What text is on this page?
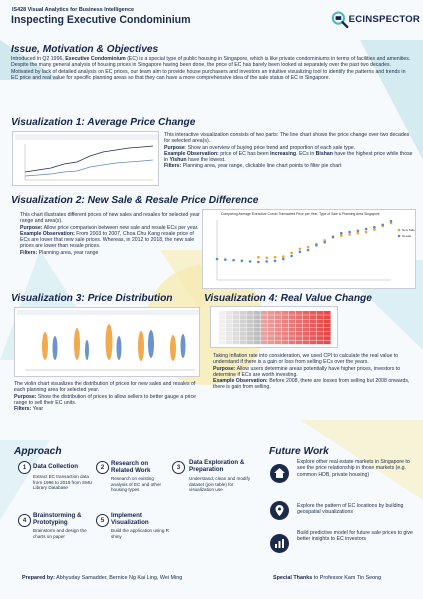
IS428 Visual Analytics for Business Intelligence
Inspecting Executive Condominium	ECINSPECTOR
Issue, Motivation & Objectives
Introduced in Q2 1996, Executive Condominium (EC) is a special type of public housing in Singapore, which is like private condominiums in terms of facilities and amenities. Despite the many general analysis of housing prices in Singapore having been done, the price of EC has barely been looked at separately over the past two decades.
Motivated by lack of detailed analysis on EC prices, our team aim to provide house purchasers and investors an intuitive visualizing tool to identify the patterns and trends in EC price and real value for specific planning areas so that they can have a more comprehensive idea of the sale status of EC in Singapore.
Visualization 1: Average Price Change
This interactive visualization consists of two parts: The line chart shows the price change over two decades for selected area(s).
Purpose: Show an overview of buying price trend and proportion of each sale type.
Example Observation: price of EC has been increasing. ECs in Bishan have the highest price while those in Yishun have the lowest.
Filters: Planning area, year range, clickable line chart points to filter pie chart
Visualization 2: New Sale & Resale Price Difference
This chart illustrates different prices of new sales and resales for selected year range and area(s).
Purpose: Allow price comparison between new sale and resale ECs per year.
Example Observation: From 2003 to 2007, Choa Chu Kang resale price of ECs are lower that new sale prices. Whereas, in 2012 to 2018, the new sale prices are lower than resale prices.
Filters: Planning area, year range
Comparing Average Executive Condo Transacted Price per Year, Type of Sale & Planning Area Singapore
New Sale
Resale
Visualization 3: Price Distribution
The violin chart visualizes the distribution of prices for new sales and resales of each planning area for selected year.
Purpose: Show the distribution of prices to allow sellers to better gauge a price range to sell their EC units.
Filters: Year
Visualization 4: Real Value Change
Taking inflation rate into consideration, we used CPI to calculate the real value to understand if there is a gain or loss from selling ECs over the years.
Purpose: Allow users determine areas potentially have higher prices, investors to determine if ECs are worth investing.
Example Observation: Before 2008, there are losses from selling but 2008 onwards, there is gain from selling.
Approach
1	Data Collection
Extract EC transaction data from 1996 to 2019 from SMU Library Database
2
Research on Related Work
Research on existing analysis of EC and other housing types
3
Data Exploration & Preparation
Understand, clean and modify dataset (join table) for visualization use
4
Brainstorming & Prototyping
Brainstorm and design the charts on paper
5
Implement Visualization
Build the application using R shiny
Future Work
Explore other real estate markets in Singapore to see the price relationship in those markets (e.g. common HDB, private housing)
Explore the pattern of EC locations by building geospatial visualizations
Build predictive model for future sale prices to give better insights to EC investors
Prepared by: Abhyuday Samadder, Bernice Ng Kai Ling, Wei Ming	Special Thanks to Professor Kam Tin Seong
